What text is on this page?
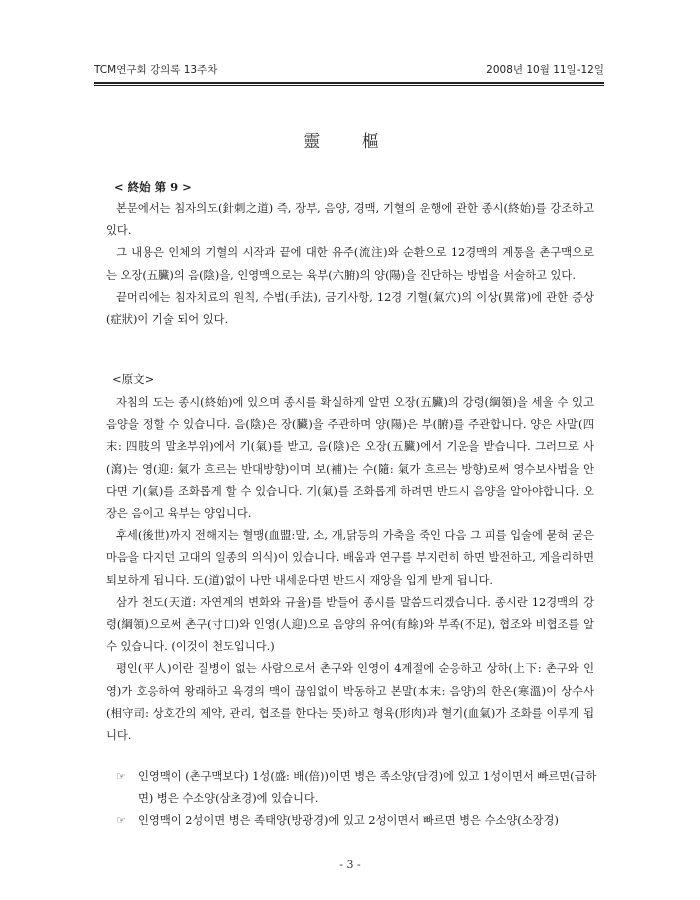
TCM연구회 강의록 13주차	2008년 10월 11일-12일
靈 樞
< 終始 第 9 >

본문에서는 침자의도(針刺之道) 즉, 장부, 음양, 경맥, 기혈의 운행에 관한 종시(終始)를 강조하고 있다.

그 내용은 인체의 기혈의 시작과 끝에 대한 유주(流注)와 순환으로 12경맥의 계통을 촌구맥으로는 오장(五臟)의 음(陰)을, 인영맥으로는 육부(六腑)의 양(陽)을 진단하는 방법을 서술하고 있다.

끝머리에는 침자치료의 원칙, 수법(手法), 금기사항, 12경 기혈(氣穴)의 이상(異常)에 관한 증상(症狀)이 기술 되어 있다.

<原文>

자침의 도는 종시(終始)에 있으며 종시를 확실하게 알면 오장(五臟)의 강령(綱領)을 세울 수 있고 음양을 정할 수 있습니다. 음(陰)은 장(臟)을 주관하며 양(陽)은 부(腑)를 주관합니다. 양은 사말(四末: 四肢의 말초부위)에서 기(氣)를 받고, 음(陰)은 오장(五臟)에서 기운을 받습니다. 그러므로 사(瀉)는 영(迎: 氣가 흐르는 반대방향)이며 보(補)는 수(隨: 氣가 흐르는 방향)로써 영수보사법을 안다면 기(氣)를 조화롭게 할 수 있습니다. 기(氣)를 조화롭게 하려면 반드시 음양을 알아야합니다. 오장은 음이고 육부는 양입니다.

후세(後世)까지 전해지는 혈맹(血盟:말, 소, 개,닭등의 가축을 죽인 다음 그 피를 입술에 묻혀 굳은 마음을 다지던 고대의 일종의 의식)이 있습니다. 배움과 연구를 부지런히 하면 발전하고, 게을리하면 퇴보하게 됩니다. 도(道)없이 나만 내세운다면 반드시 재앙을 입게 받게 됩니다.

삼가 천도(天道: 자연계의 변화와 규율)를 받들어 종시를 말씀드리겠습니다. 종시란 12경맥의 강령(綱領)으로써 촌구(寸口)와 인영(人迎)으로 음양의 유여(有餘)와 부족(不足), 협조와 비협조를 알 수 있습니다. (이것이 천도입니다.)

평인(平人)이란 질병이 없는 사람으로서 촌구와 인영이 4계절에 순응하고 상하(上下: 촌구와 인영)가 호응하여 왕래하고 육경의 맥이 끊임없이 박동하고 본말(本末: 음양)의 한온(寒溫)이 상수사(相守司: 상호간의 제약, 관리, 협조를 한다는 뜻)하고 형육(形肉)과 혈기(血氣)가 조화를 이루게 됩니다.

☞ 인영맥이 (촌구맥보다) 1성(盛: 배(倍))이면 병은 족소양(담경)에 있고 1성이면서 빠르면(급하면) 병은 수소양(삼초경)에 있습니다.
☞ 인영맥이 2성이면 병은 족태양(방광경)에 있고 2성이면서 빠르면 병은 수소양(소장경)
- 3 -
